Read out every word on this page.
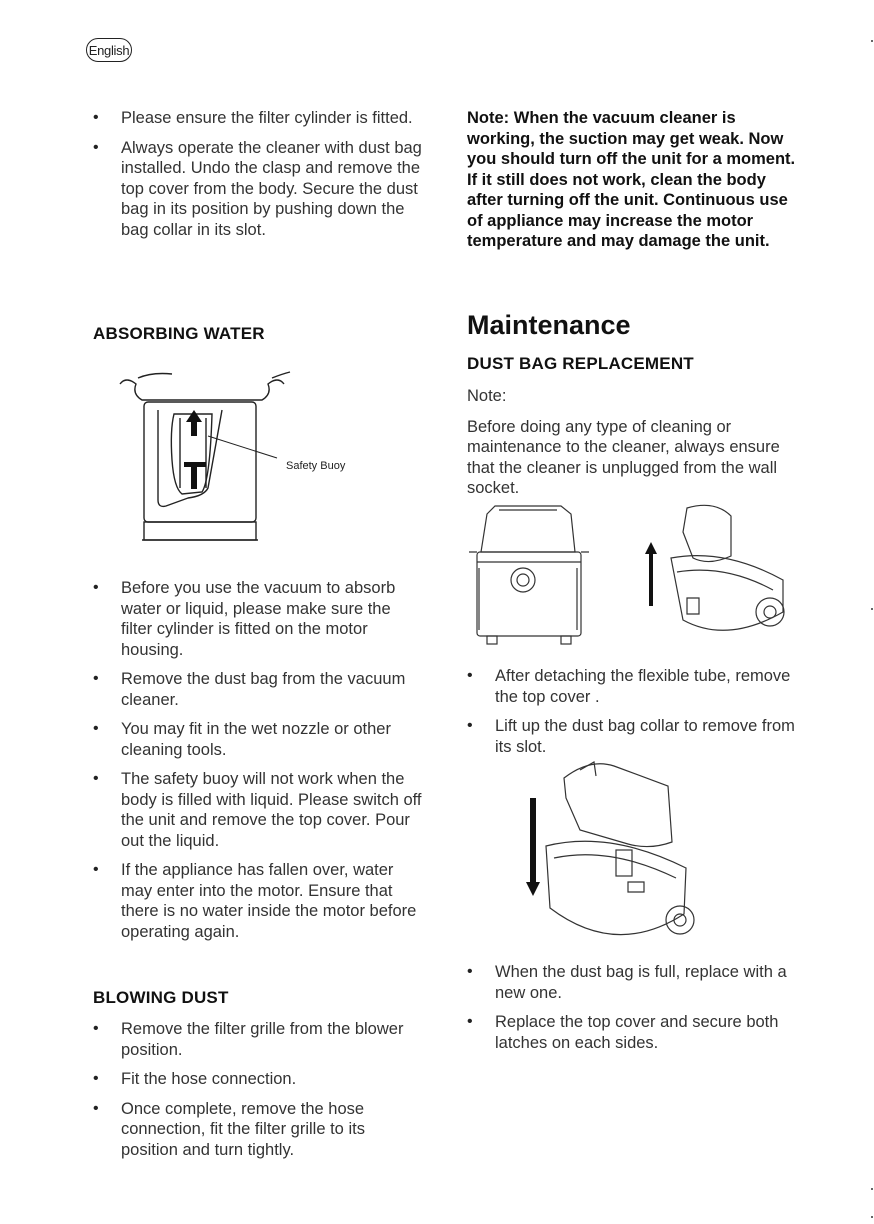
English
• Please ensure the filter cylinder is fitted.
• Always operate the cleaner with dust bag installed. Undo the clasp and remove the top cover from the body. Secure the dust bag in its position by pushing down the bag collar in its slot.
ABSORBING WATER
Safety Buoy
• Before you use the vacuum to absorb water or liquid, please make sure the filter cylinder is fitted on the motor housing.
• Remove the dust bag from the vacuum cleaner.
• You may fit in the wet nozzle or other cleaning tools.
• The safety buoy will not work when the body is filled with liquid. Please switch off the unit and remove the top cover. Pour out the liquid.
• If the appliance has fallen over, water may enter into the motor. Ensure that there is no water inside the motor before operating again.
BLOWING DUST
• Remove the filter grille from the blower position.
• Fit the hose connection.
• Once complete, remove the hose connection, fit the filter grille to its position and turn tightly.

Note: When the vacuum cleaner is working, the suction may get weak. Now you should turn off the unit for a moment. If it still does not work, clean the body after turning off the unit. Continuous use of appliance may increase the motor temperature and may damage the unit.

Maintenance
DUST BAG REPLACEMENT

Note:

Before doing any type of cleaning or maintenance to the cleaner, always ensure that the cleaner is unplugged from the wall socket.

• After detaching the flexible tube, remove the top cover .
• Lift up the dust bag collar to remove from its slot.
• When the dust bag is full, replace with a new one.
• Replace the top cover and secure both latches on each sides.
